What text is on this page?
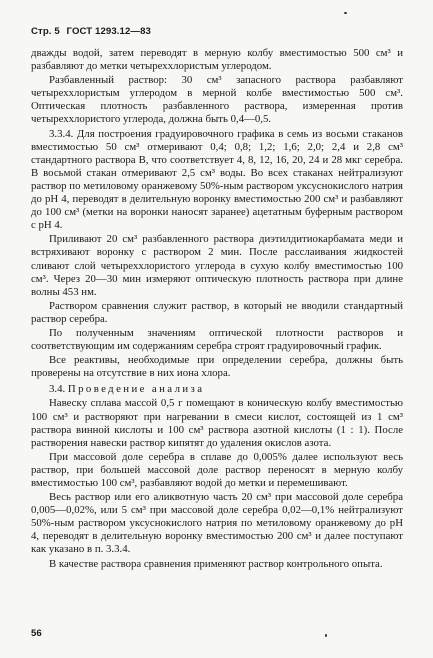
Стр. 5 ГОСТ 1293.12—83

дважды водой, затем переводят в мерную колбу вместимостью 500 см³ и разбавляют до метки четыреххлористым углеродом.

Разбавленный раствор: 30 см³ запасного раствора разбавляют четыреххлористым углеродом в мерной колбе вместимостью 500 см³. Оптическая плотность разбавленного раствора, измеренная против четыреххлористого углерода, должна быть 0,4—0,5.

3.3.4. Для построения градуировочного графика в семь из восьми стаканов вместимостью 50 см³ отмеривают 0,4; 0,8; 1,2; 1,6; 2,0; 2,4 и 2,8 см³ стандартного раствора В, что соответствует 4, 8, 12, 16, 20, 24 и 28 мкг серебра. В восьмой стакан отмеривают 2,5 см³ воды. Во всех стаканах нейтрализуют раствор по метиловому оранжевому 50%-ным раствором уксуснокислого натрия до pH 4, переводят в делительную воронку вместимостью 200 см³ и разбавляют до 100 см³ (метки на воронки наносят заранее) ацетатным буферным раствором с pH 4.

Приливают 20 см³ разбавленного раствора диэтилдитиокарбамата меди и встряхивают воронку с раствором 2 мин. После расслаивания жидкостей сливают слой четыреххлористого углерода в сухую колбу вместимостью 100 см³. Через 20—30 мин измеряют оптическую плотность раствора при длине волны 453 нм.

Раствором сравнения служит раствор, в который не вводили стандартный раствор серебра.

По полученным значениям оптической плотности растворов и соответствующим им содержаниям серебра строят градуировочный график.

Все реактивы, необходимые при определении серебра, должны быть проверены на отсутствие в них иона хлора.

3.4. Проведение анализа

Навеску сплава массой 0,5 г помещают в коническую колбу вместимостью 100 см³ и растворяют при нагревании в смеси кислот, состоящей из 1 см³ раствора винной кислоты и 100 см³ раствора азотной кислоты (1 : 1). После растворения навески раствор кипятят до удаления окислов азота.

При массовой доле серебра в сплаве до 0,005% далее используют весь раствор, при большей массовой доле раствор переносят в мерную колбу вместимостью 100 см³, разбавляют водой до метки и перемешивают.

Весь раствор или его аликвотную часть 20 см³ при массовой доле серебра 0,005—0,02%, или 5 см³ при массовой доле серебра 0,02—0,1% нейтрализуют 50%-ным раствором уксуснокислого натрия по метиловому оранжевому до pH 4, переводят в делительную воронку вместимостью 200 см³ и далее поступают как указано в п. 3.3.4.

В качестве раствора сравнения применяют раствор контрольного опыта.

56
